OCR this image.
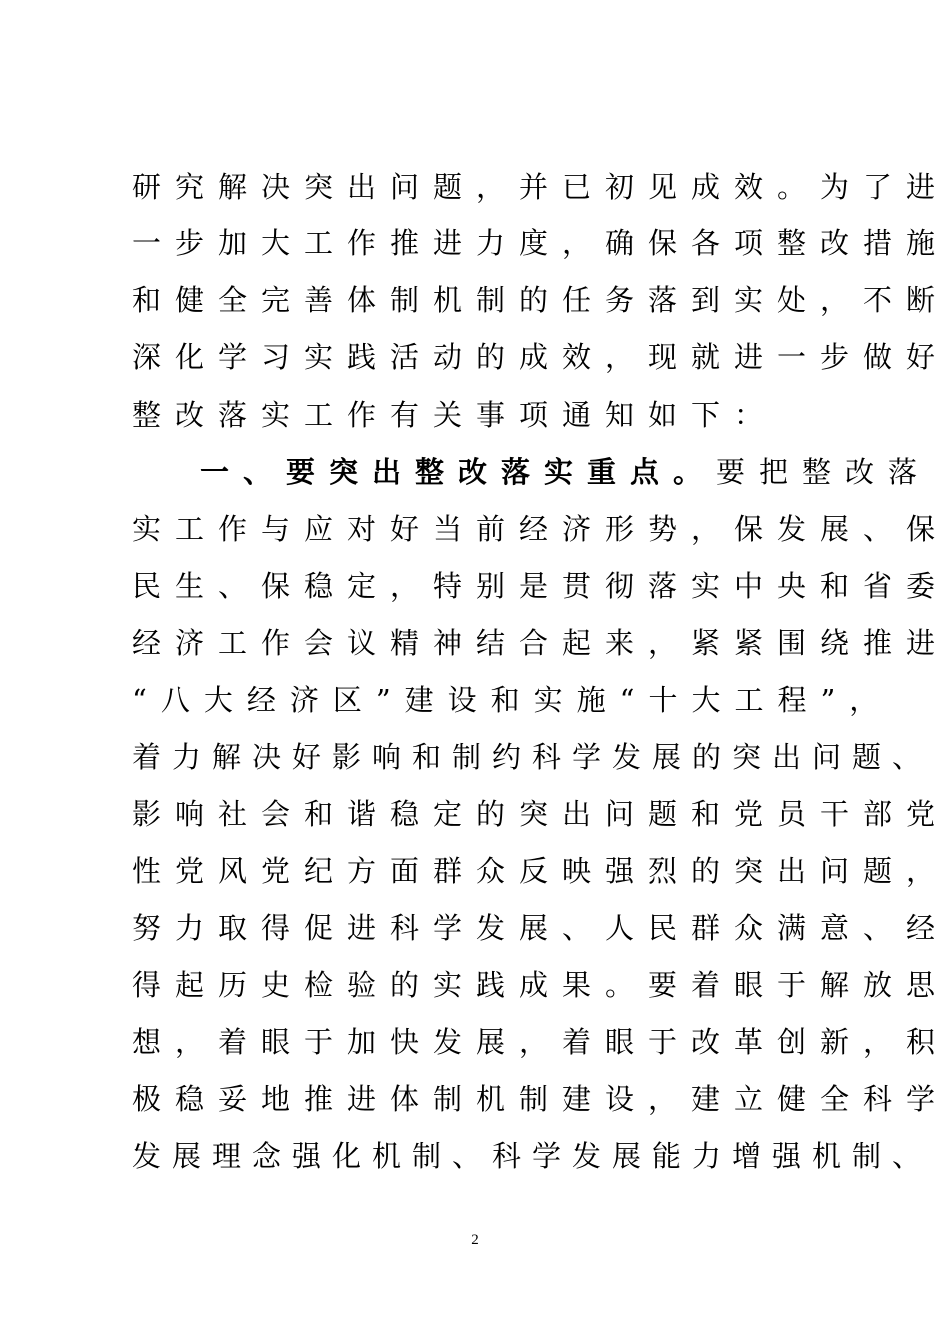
研究解决突出问题，并已初见成效。为了进
一步加大工作推进力度，确保各项整改措施
和健全完善体制机制的任务落到实处，不断
深化学习实践活动的成效，现就进一步做好
整改落实工作有关事项通知如下：
一、要突出整改落实重点。要把整改落
实工作与应对好当前经济形势，保发展、保
民生、保稳定，特别是贯彻落实中央和省委
经济工作会议精神结合起来，紧紧围绕推进
“八大经济区”建设和实施“十大工程”，
着力解决好影响和制约科学发展的突出问题、
影响社会和谐稳定的突出问题和党员干部党
性党风党纪方面群众反映强烈的突出问题，
努力取得促进科学发展、人民群众满意、经
得起历史检验的实践成果。要着眼于解放思
想，着眼于加快发展，着眼于改革创新，积
极稳妥地推进体制机制建设，建立健全科学
发展理念强化机制、科学发展能力增强机制、
2
